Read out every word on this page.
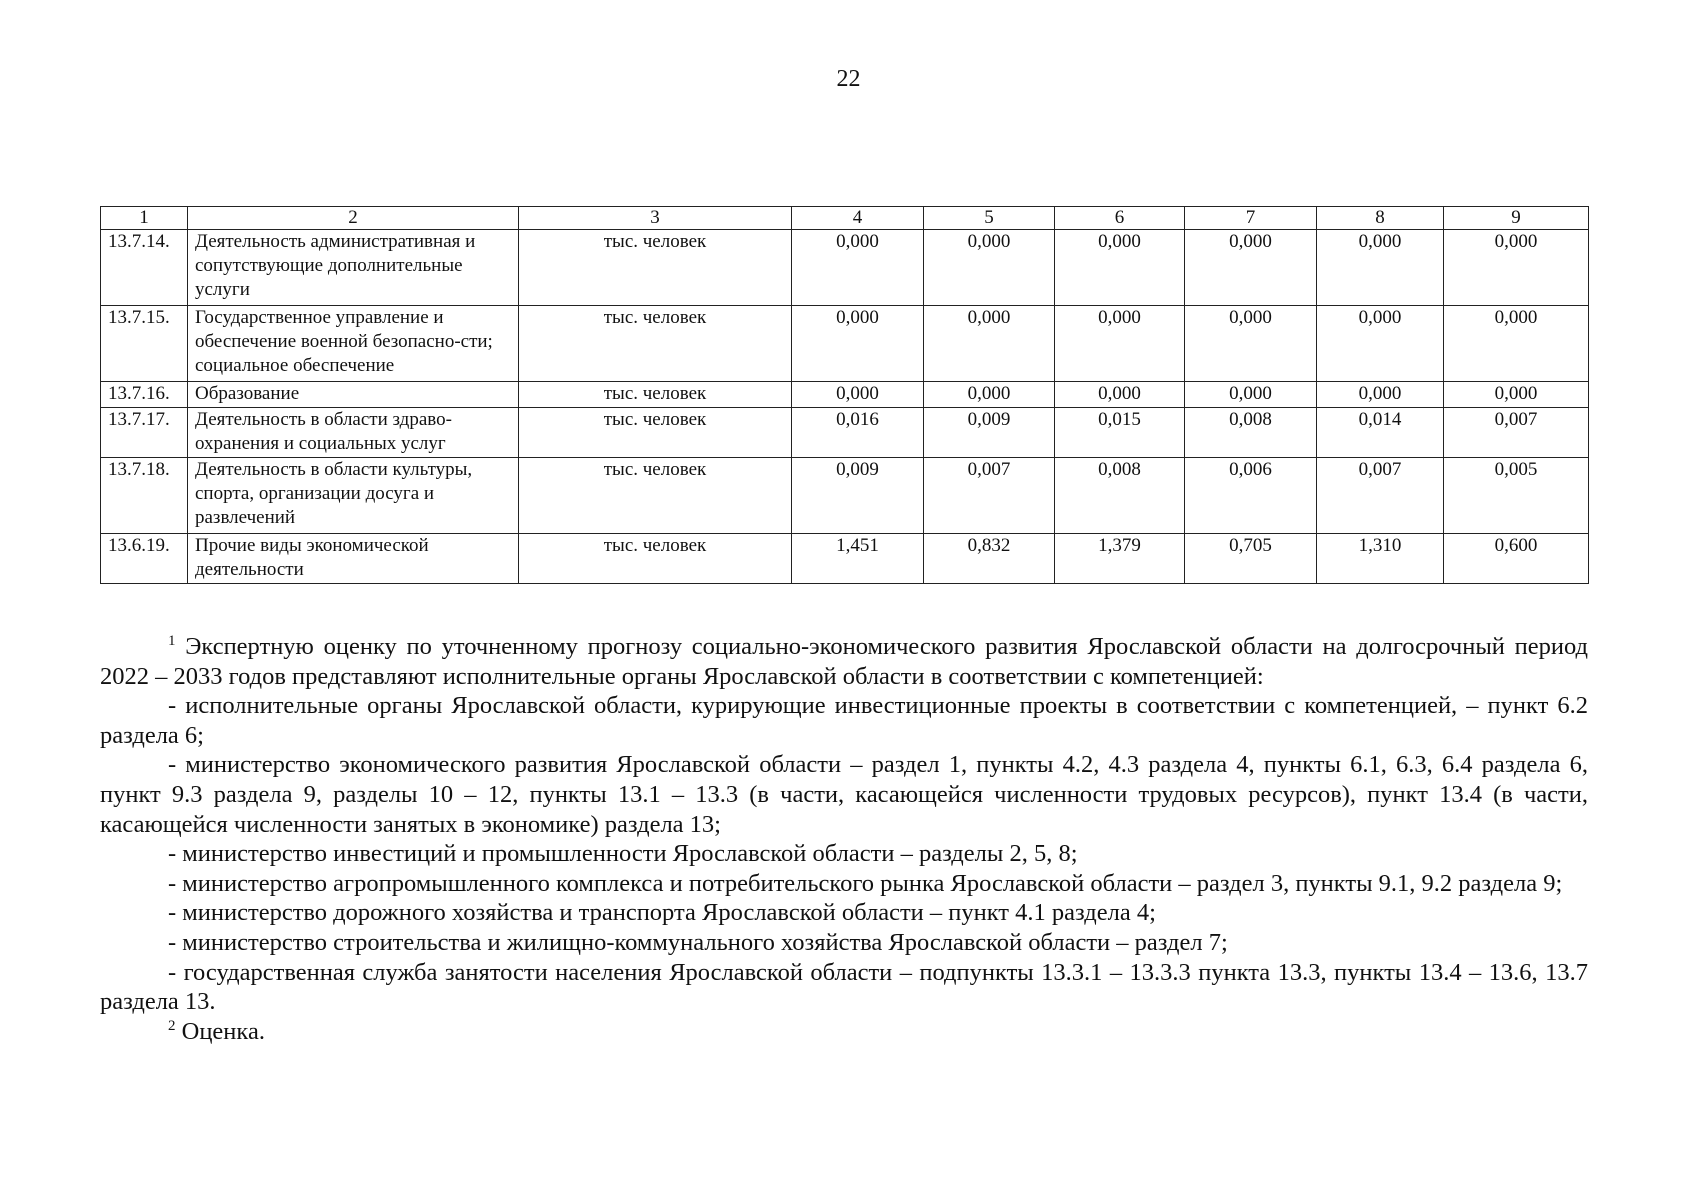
22
1	2	3	4	5	6	7	8	9
13.7.14.	Деятельность административная и сопутствующие дополнительные услуги	тыс. человек	0,000	0,000	0,000	0,000	0,000	0,000
13.7.15.	Государственное управление и обеспечение военной безопасно-сти; социальное обеспечение	тыс. человек	0,000	0,000	0,000	0,000	0,000	0,000
13.7.16.	Образование	тыс. человек	0,000	0,000	0,000	0,000	0,000	0,000
13.7.17.	Деятельность в области здраво-охранения и социальных услуг	тыс. человек	0,016	0,009	0,015	0,008	0,014	0,007
13.7.18.	Деятельность в области культуры, спорта, организации досуга и развлечений	тыс. человек	0,009	0,007	0,008	0,006	0,007	0,005
13.6.19.	Прочие виды экономической деятельности	тыс. человек	1,451	0,832	1,379	0,705	1,310	0,600

$^1$ Экспертную оценку по уточненному прогнозу социально-экономического развития Ярославской области на долгосрочный период 2022 – 2033 годов представляют исполнительные органы Ярославской области в соответствии с компетенцией:

- исполнительные органы Ярославской области, курирующие инвестиционные проекты в соответствии с компетенцией, – пункт 6.2 раздела 6;

- министерство экономического развития Ярославской области – раздел 1, пункты 4.2, 4.3 раздела 4, пункты 6.1, 6.3, 6.4 раздела 6, пункт 9.3 раздела 9, разделы 10 – 12, пункты 13.1 – 13.3 (в части, касающейся численности трудовых ресурсов), пункт 13.4 (в части, касающейся численности занятых в экономике) раздела 13;

- министерство инвестиций и промышленности Ярославской области – разделы 2, 5, 8;

- министерство агропромышленного комплекса и потребительского рынка Ярославской области – раздел 3, пункты 9.1, 9.2 раздела 9;

- министерство дорожного хозяйства и транспорта Ярославской области – пункт 4.1 раздела 4;

- министерство строительства и жилищно-коммунального хозяйства Ярославской области – раздел 7;

- государственная служба занятости населения Ярославской области – подпункты 13.3.1 – 13.3.3 пункта 13.3, пункты 13.4 – 13.6, 13.7 раздела 13.

$^2$ Оценка.
